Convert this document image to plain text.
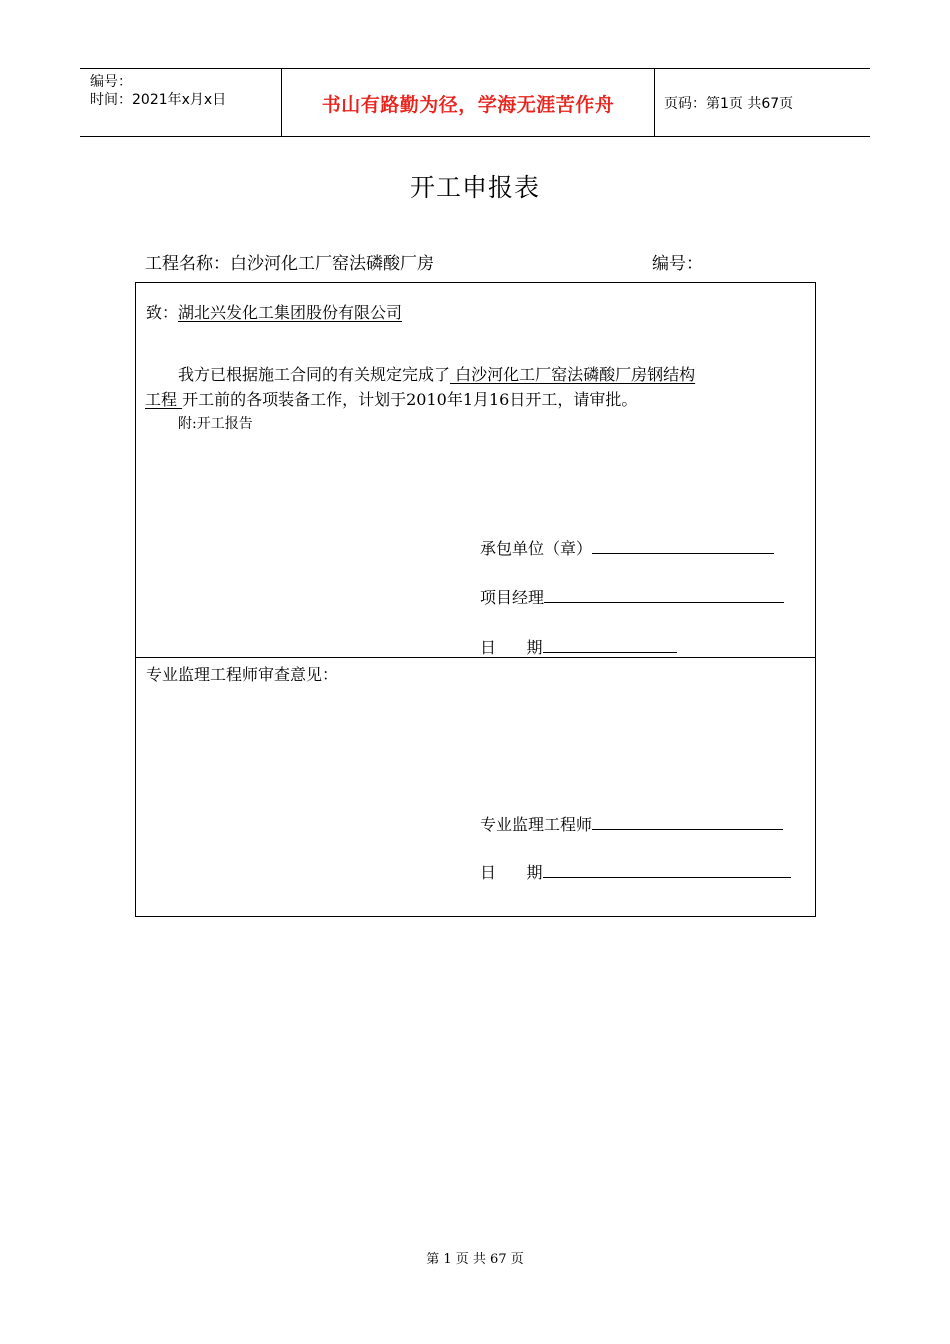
编号：
时间：2021年x月x日	书山有路勤为径，学海无涯苦作舟	页码：第1页 共67页
开工申报表
工程名称：白沙河化工厂窑法磷酸厂房	编号：
致：湖北兴发化工集团股份有限公司
我方已根据施工合同的有关规定完成了 白沙河化工厂窑法磷酸厂房钢结构
工程 开工前的各项装备工作，计划于2010年1月16日开工，请审批。
附:开工报告
承包单位（章）
项目经理
日      期
专业监理工程师审查意见：
专业监理工程师
日      期
第 1 页 共 67 页
